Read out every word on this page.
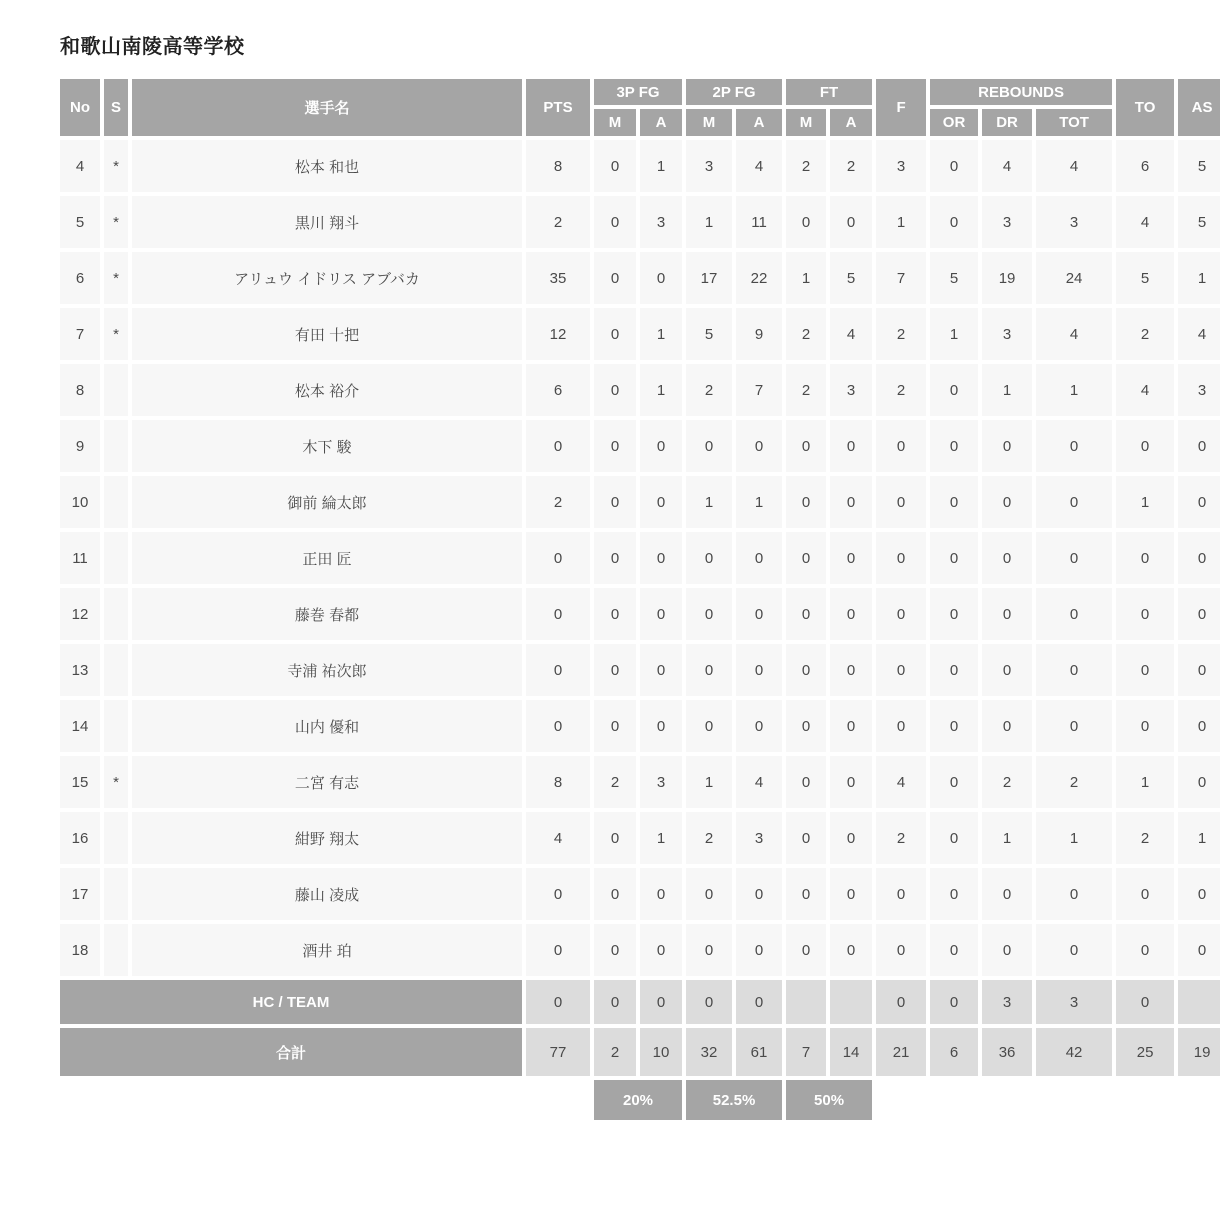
和歌山南陵高等学校
No	S	選手名	PTS	3P FG		2P FG		FT		F	REBOUNDS			TO	AS
				M	A	M	A	M	A		OR	DR	TOT		
4	*	松本 和也	8	0	1	3	4	2	2	3	0	4	4	6	5
5	*	黒川 翔斗	2	0	3	1	11	0	0	1	0	3	3	4	5
6	*	アリュウ イドリス アブバカ	35	0	0	17	22	1	5	7	5	19	24	5	1
7	*	有田 十把	12	0	1	5	9	2	4	2	1	3	4	2	4
8		松本 裕介	6	0	1	2	7	2	3	2	0	1	1	4	3
9		木下 駿	0	0	0	0	0	0	0	0	0	0	0	0	0
10		御前 綸太郎	2	0	0	1	1	0	0	0	0	0	0	1	0
11		正田 匠	0	0	0	0	0	0	0	0	0	0	0	0	0
12		藤巻 春都	0	0	0	0	0	0	0	0	0	0	0	0	0
13		寺浦 祐次郎	0	0	0	0	0	0	0	0	0	0	0	0	0
14		山内 優和	0	0	0	0	0	0	0	0	0	0	0	0	0
15	*	二宮 有志	8	2	3	1	4	0	0	4	0	2	2	1	0
16		紺野 翔太	4	0	1	2	3	0	0	2	0	1	1	2	1
17		藤山 凌成	0	0	0	0	0	0	0	0	0	0	0	0	0
18		酒井 珀	0	0	0	0	0	0	0	0	0	0	0	0	0
HC / TEAM			0	0	0	0	0			0	0	3	3	0	
合計			77	2	10	32	61	7	14	21	6	36	42	25	19
				20%		52.5%		50%							
